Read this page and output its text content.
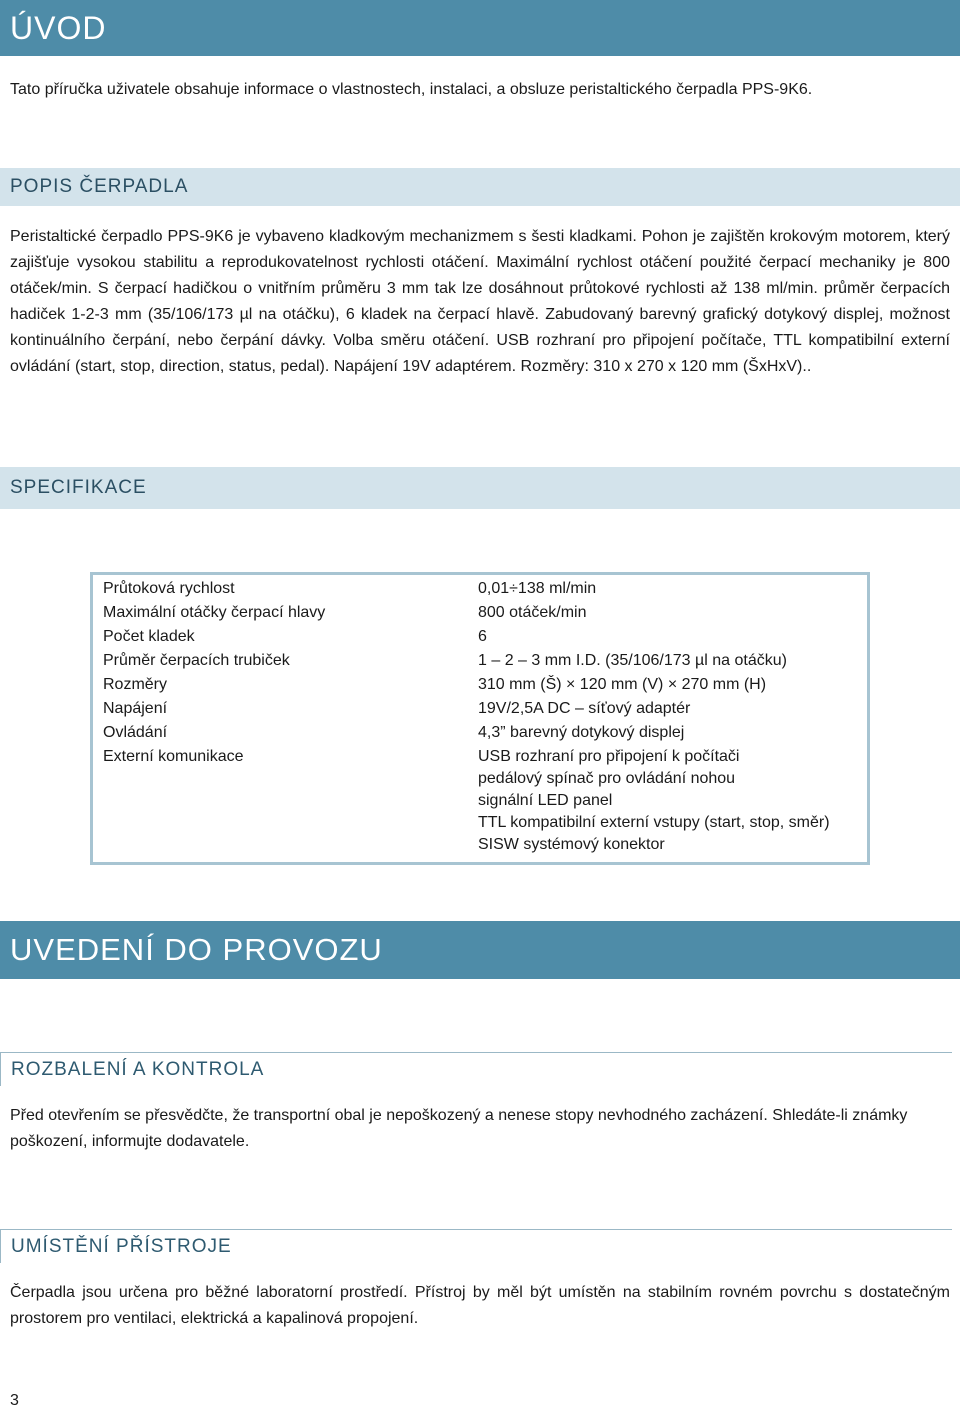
ÚVOD

Tato příručka uživatele obsahuje informace o vlastnostech, instalaci, a obsluze peristaltického čerpadla PPS-9K6.

POPIS ČERPADLA

Peristaltické čerpadlo PPS-9K6 je vybaveno kladkovým mechanizmem s šesti kladkami. Pohon je zajištěn krokovým motorem, který zajišťuje vysokou stabilitu a reprodukovatelnost rychlosti otáčení. Maximální rychlost otáčení použité čerpací mechaniky je 800 otáček/min. S čerpací hadičkou o vnitřním průměru 3 mm tak lze dosáhnout průtokové rychlosti až 138 ml/min. průměr čerpacích hadiček 1-2-3 mm (35/106/173 µl na otáčku), 6 kladek na čerpací hlavě. Zabudovaný barevný grafický dotykový displej, možnost kontinuálního čerpání, nebo čerpání dávky. Volba směru otáčení. USB rozhraní pro připojení počítače, TTL kompatibilní externí ovládání (start, stop, direction, status, pedal). Napájení 19V adaptérem. Rozměry: 310 x 270 x 120 mm (ŠxHxV)..

SPECIFIKACE
Průtoková rychlost	0,01÷138 ml/min
Maximální otáčky čerpací hlavy	800 otáček/min
Počet kladek	6
Průměr čerpacích trubiček	1 – 2 – 3 mm I.D. (35/106/173 µl na otáčku)
Rozměry	310 mm (Š) × 120 mm (V) × 270 mm (H)
Napájení	19V/2,5A DC – síťový adaptér
Ovládání	4,3” barevný dotykový displej
Externí komunikace	USB rozhraní pro připojení k počítači
pedálový spínač pro ovládání nohou
signální LED panel
TTL kompatibilní externí vstupy (start, stop, směr)
SISW systémový konektor
UVEDENÍ DO PROVOZU
ROZBALENÍ A KONTROLA

Před otevřením se přesvědčte, že transportní obal je nepoškozený a nenese stopy nevhodného zacházení. Shledáte-li známky poškození, informujte dodavatele.

UMÍSTĚNÍ PŘÍSTROJE

Čerpadla jsou určena pro běžné laboratorní prostředí. Přístroj by měl být umístěn na stabilním rovném povrchu s dostatečným prostorem pro ventilaci, elektrická a kapalinová propojení.

3
